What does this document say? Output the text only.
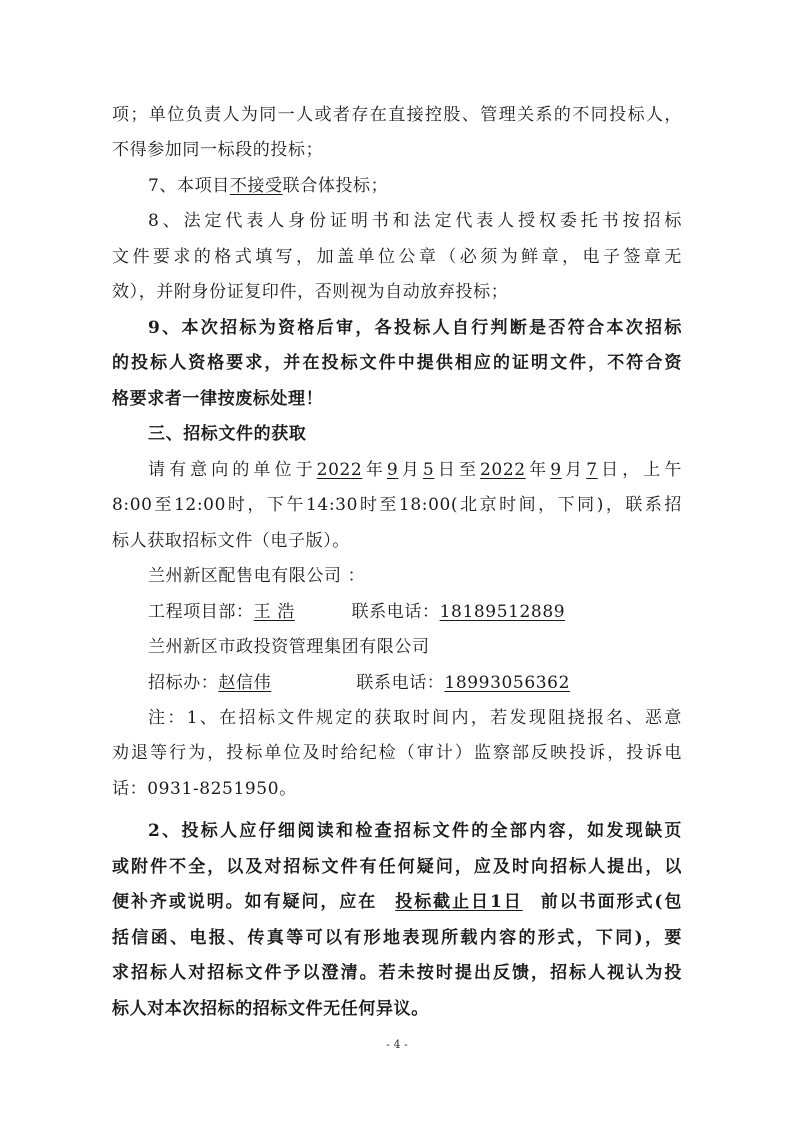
项；单位负责人为同一人或者存在直接控股、管理关系的不同投标人，
不得参加同一标段的投标；
7、本项目不接受联合体投标；
8、法定代表人身份证明书和法定代表人授权委托书按招标
文件要求的格式填写，加盖单位公章（必须为鲜章，电子签章无
效），并附身份证复印件，否则视为自动放弃投标；
9、本次招标为资格后审，各投标人自行判断是否符合本次招标
的投标人资格要求，并在投标文件中提供相应的证明文件，不符合资
格要求者一律按废标处理！
三、招标文件的获取
请有意向的单位于2022年9月5日至2022年9月7日，上午
8:00至12:00时，下午14:30时至18:00(北京时间，下同)，联系招
标人获取招标文件（电子版）。
兰州新区配售电有限公司 ：
工程项目部：王 浩	联系电话：18189512889
兰州新区市政投资管理集团有限公司
招标办：赵信伟	联系电话：18993056362
注：1、在招标文件规定的获取时间内，若发现阻挠报名、恶意
劝退等行为，投标单位及时给纪检（审计）监察部反映投诉，投诉电
话：0931-8251950。
2、投标人应仔细阅读和检查招标文件的全部内容，如发现缺页
或附件不全，以及对招标文件有任何疑问，应及时向招标人提出，以
便补齐或说明。如有疑问，应在 投标截止日1日 前以书面形式(包
括信函、电报、传真等可以有形地表现所载内容的形式，下同)，要
求招标人对招标文件予以澄清。若未按时提出反馈，招标人视认为投
标人对本次招标的招标文件无任何异议。
- 4 -
